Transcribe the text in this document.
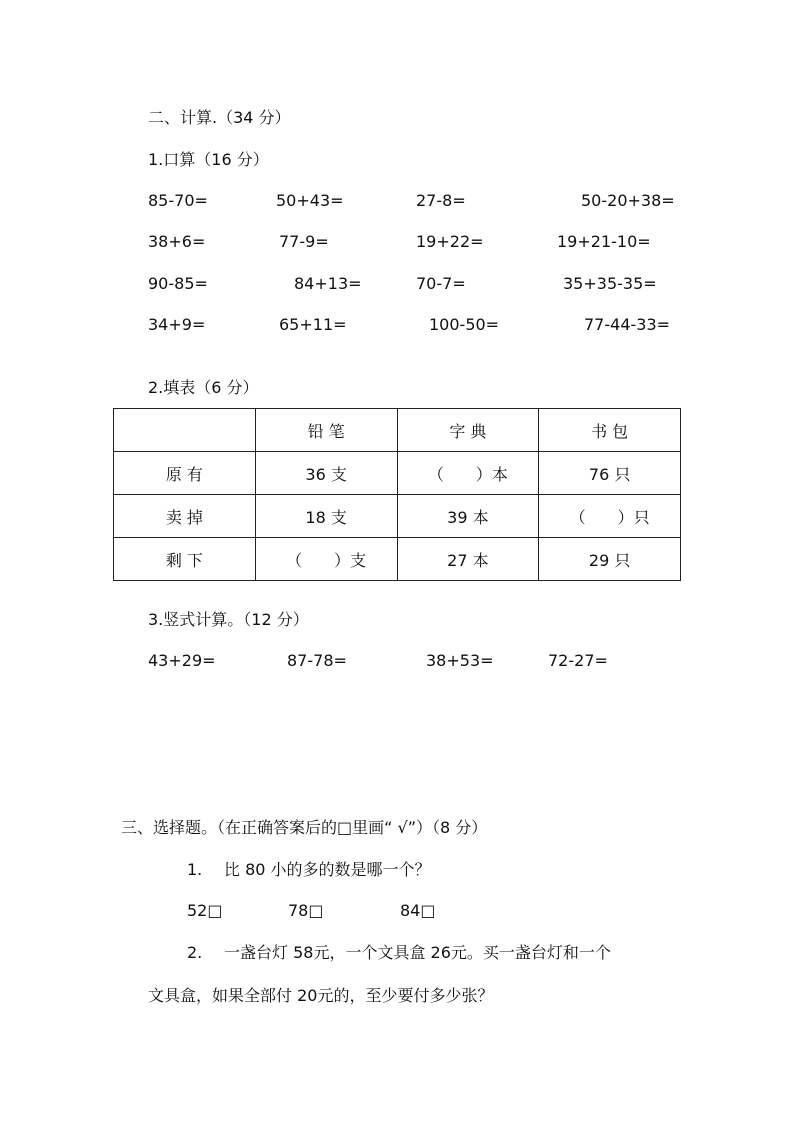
二、计算.（34 分）
1.口算（16 分）
85-70=	50+43=	27-8=	50-20+38=
38+6=	77-9=	19+22=	19+21-10=
90-85=	84+13=	70-7=	35+35-35=
34+9=	65+11=	100-50=	77-44-33=
2.填表（6 分）
	铅 笔	字 典	书 包
原 有	36 支	（　　）本	76 只
卖 掉	18 支	39 本	（　　）只
剩 下	（　　）支	27 本	29 只
3.竖式计算。（12 分）
43+29=	87-78=	38+53=	72-27=
三、选择题。（在正确答案后的□里画“ √”）（8 分）
1. 比 80 小的多的数是哪一个？
52□	78□	84□
2. 一盏台灯 58元，一个文具盒 26元。买一盏台灯和一个
文具盒，如果全部付 20元的，至少要付多少张？
